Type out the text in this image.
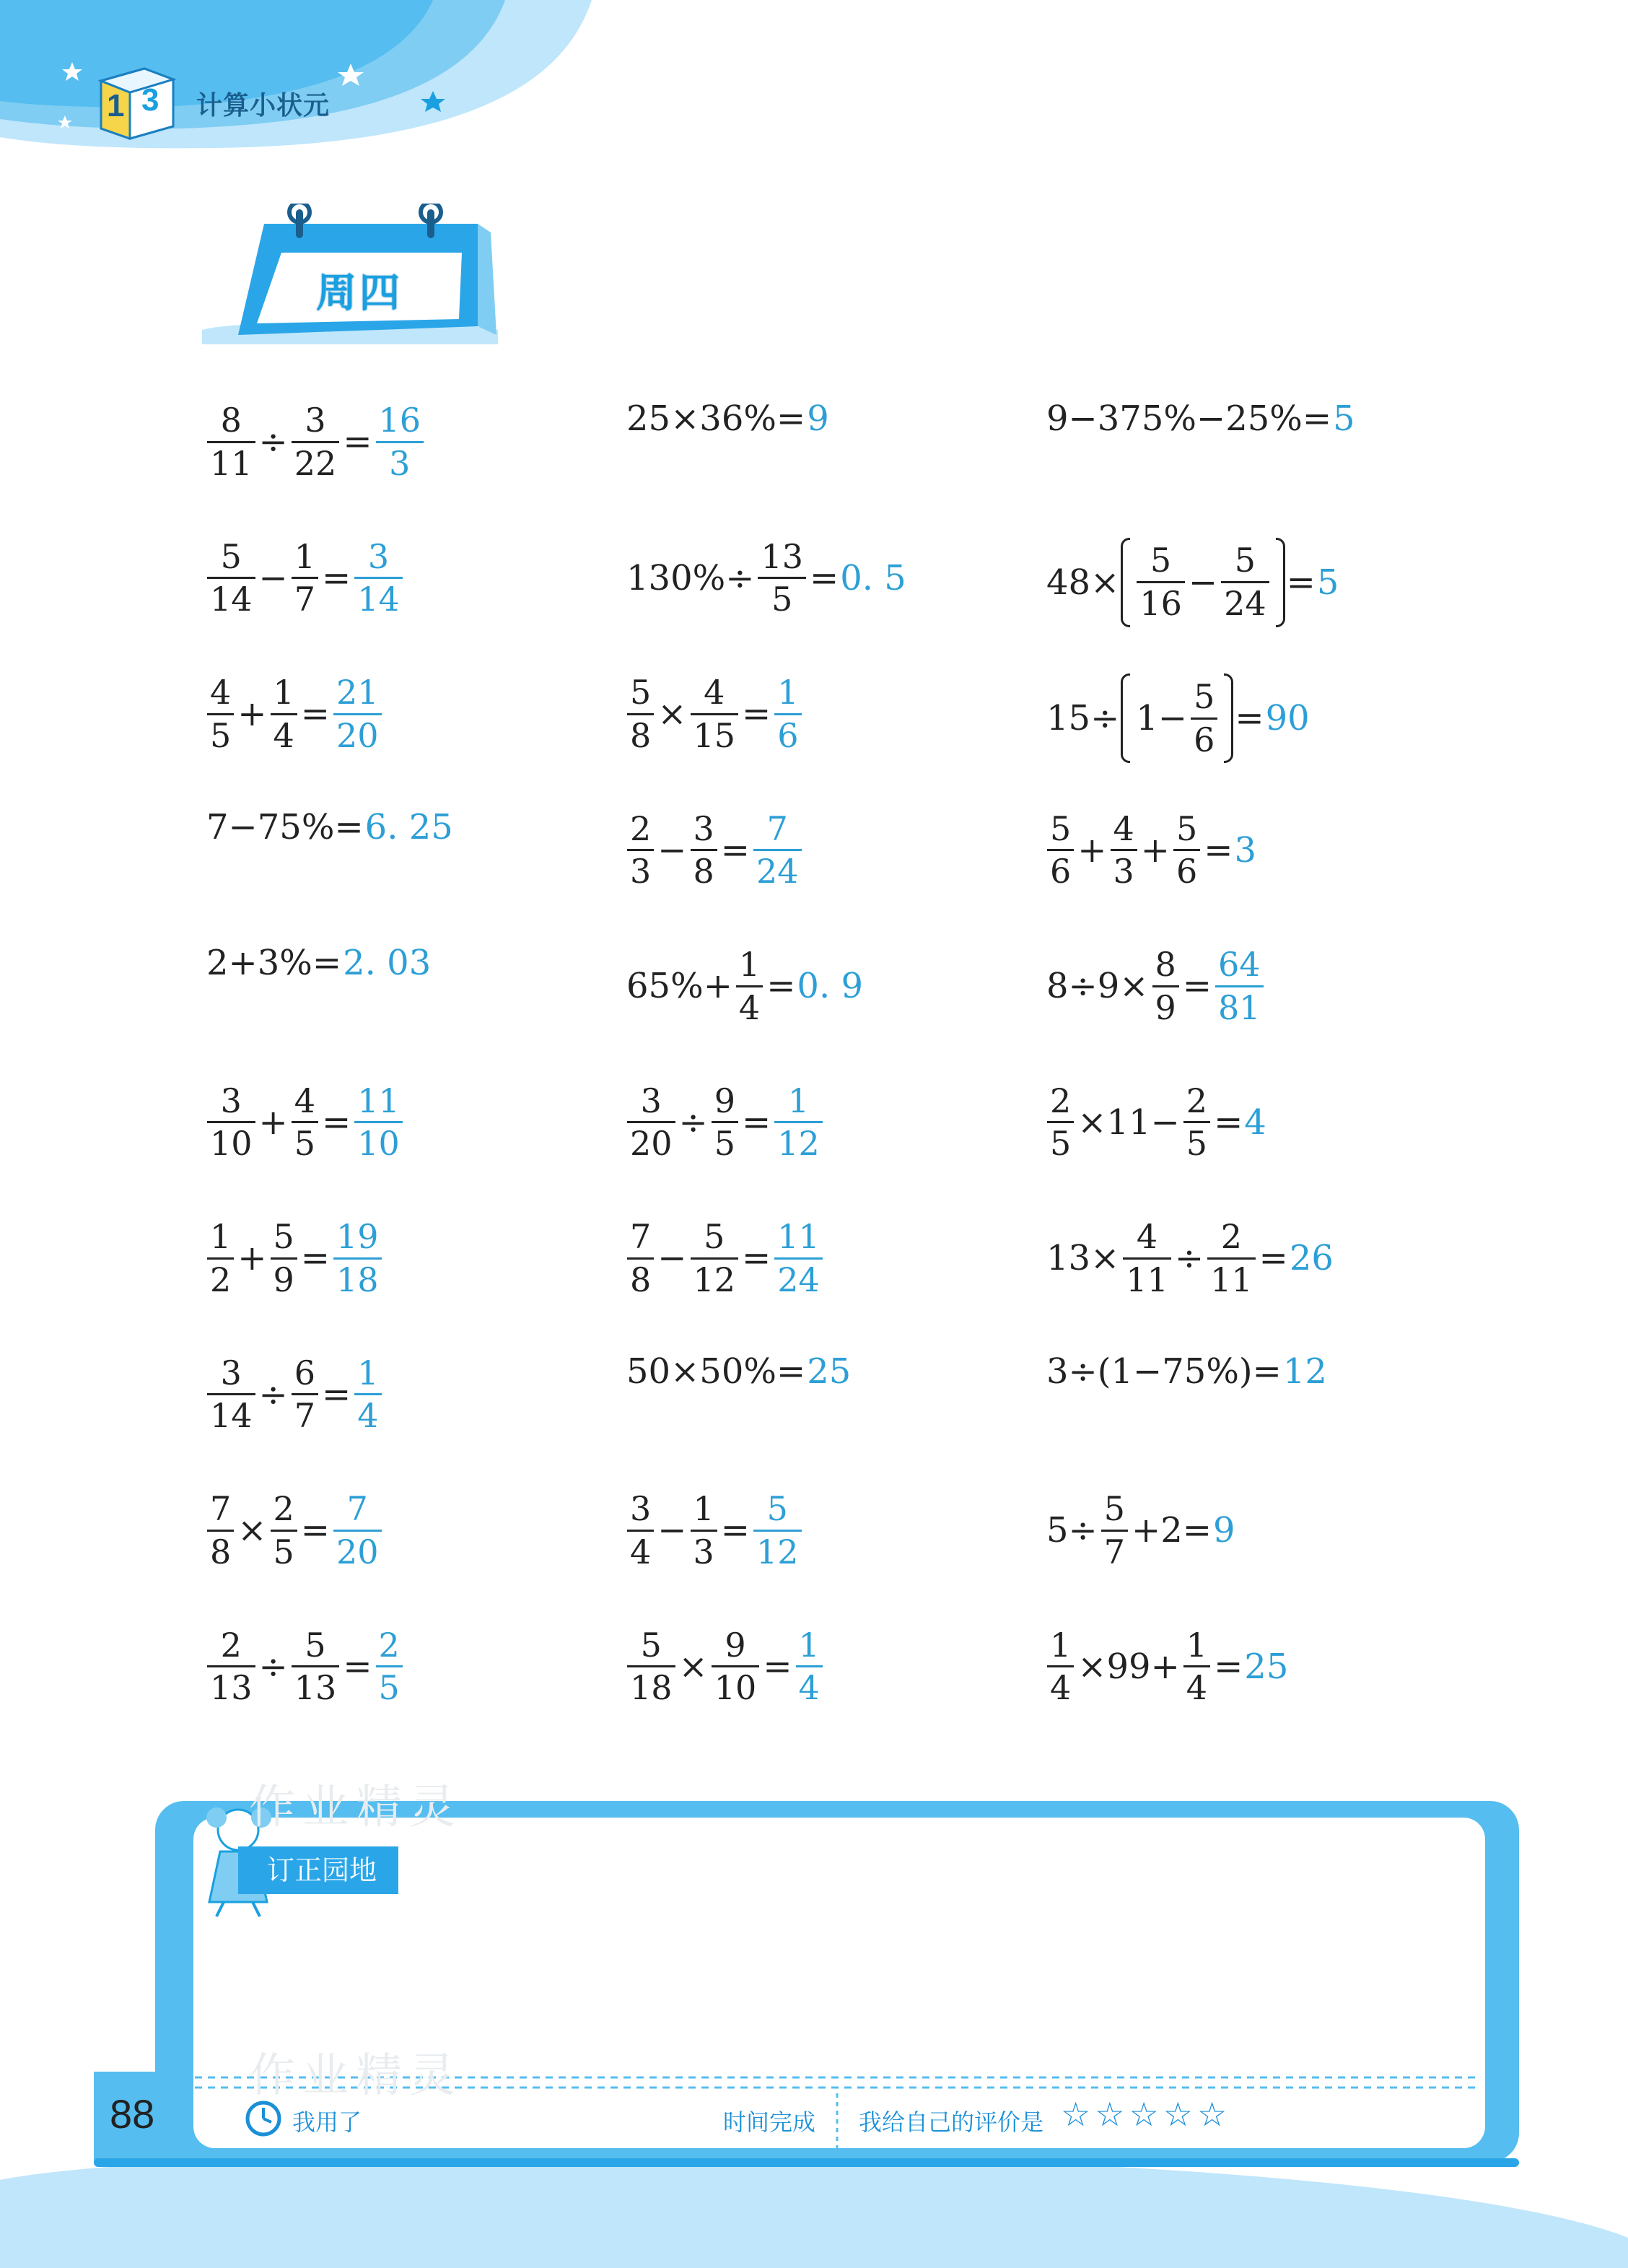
1 3 计算小状元
周四
$\frac{8}{11} \div \frac{3}{22} = \frac{16}{3}$
$\frac{5}{14} - \frac{1}{7} = \frac{3}{14}$
$\frac{4}{5} + \frac{1}{4} = \frac{21}{20}$
7−75%= 6. 25
2+3%= 2. 03
$\frac{3}{10} + \frac{4}{5} = \frac{11}{10}$
$\frac{1}{2} + \frac{5}{9} = \frac{19}{18}$
$\frac{3}{14} \div \frac{6}{7} = \frac{1}{4}$
$\frac{7}{8} \times \frac{2}{5} = \frac{7}{20}$
$\frac{2}{13} \div \frac{5}{13} = \frac{2}{5}$
25×36%= 9
$130\%\div \frac{13}{5} = 0$. 5
$\frac{5}{8} \times \frac{4}{15} = \frac{1}{6}$
$\frac{2}{3} - \frac{3}{8} = \frac{7}{24}$
$65\%+ \frac{1}{4} = 0$. 9
$\frac{3}{20} \div \frac{9}{5} = \frac{1}{12}$
$\frac{7}{8} - \frac{5}{12} = \frac{11}{24}$
50×50%= 25
$\frac{3}{4} - \frac{1}{3} = \frac{5}{12}$
$\frac{5}{18} \times \frac{9}{10} = \frac{1}{4}$
9−375%−25%= 5
$48\times \frac{5}{16} - \frac{5}{24} = 5$
$15\div 1- \frac{5}{6} = 90$
$\frac{5}{6} + \frac{4}{3} + \frac{5}{6} = 3$
$8\div 9\times \frac{8}{9} = \frac{64}{81}$
$\frac{2}{5} \times 11- \frac{2}{5} = 4$
$13\times \frac{4}{11} \div \frac{2}{11} = 26$
3÷(1−75%)= 12
$5\div \frac{5}{7} +2= 9$
$\frac{1}{4} \times 99+ \frac{1}{4} = 25$
作业精灵
作业精灵
订正园地
88	我用了	时间完成 我给自己的评价是 ☆ ☆ ☆ ☆ ☆
